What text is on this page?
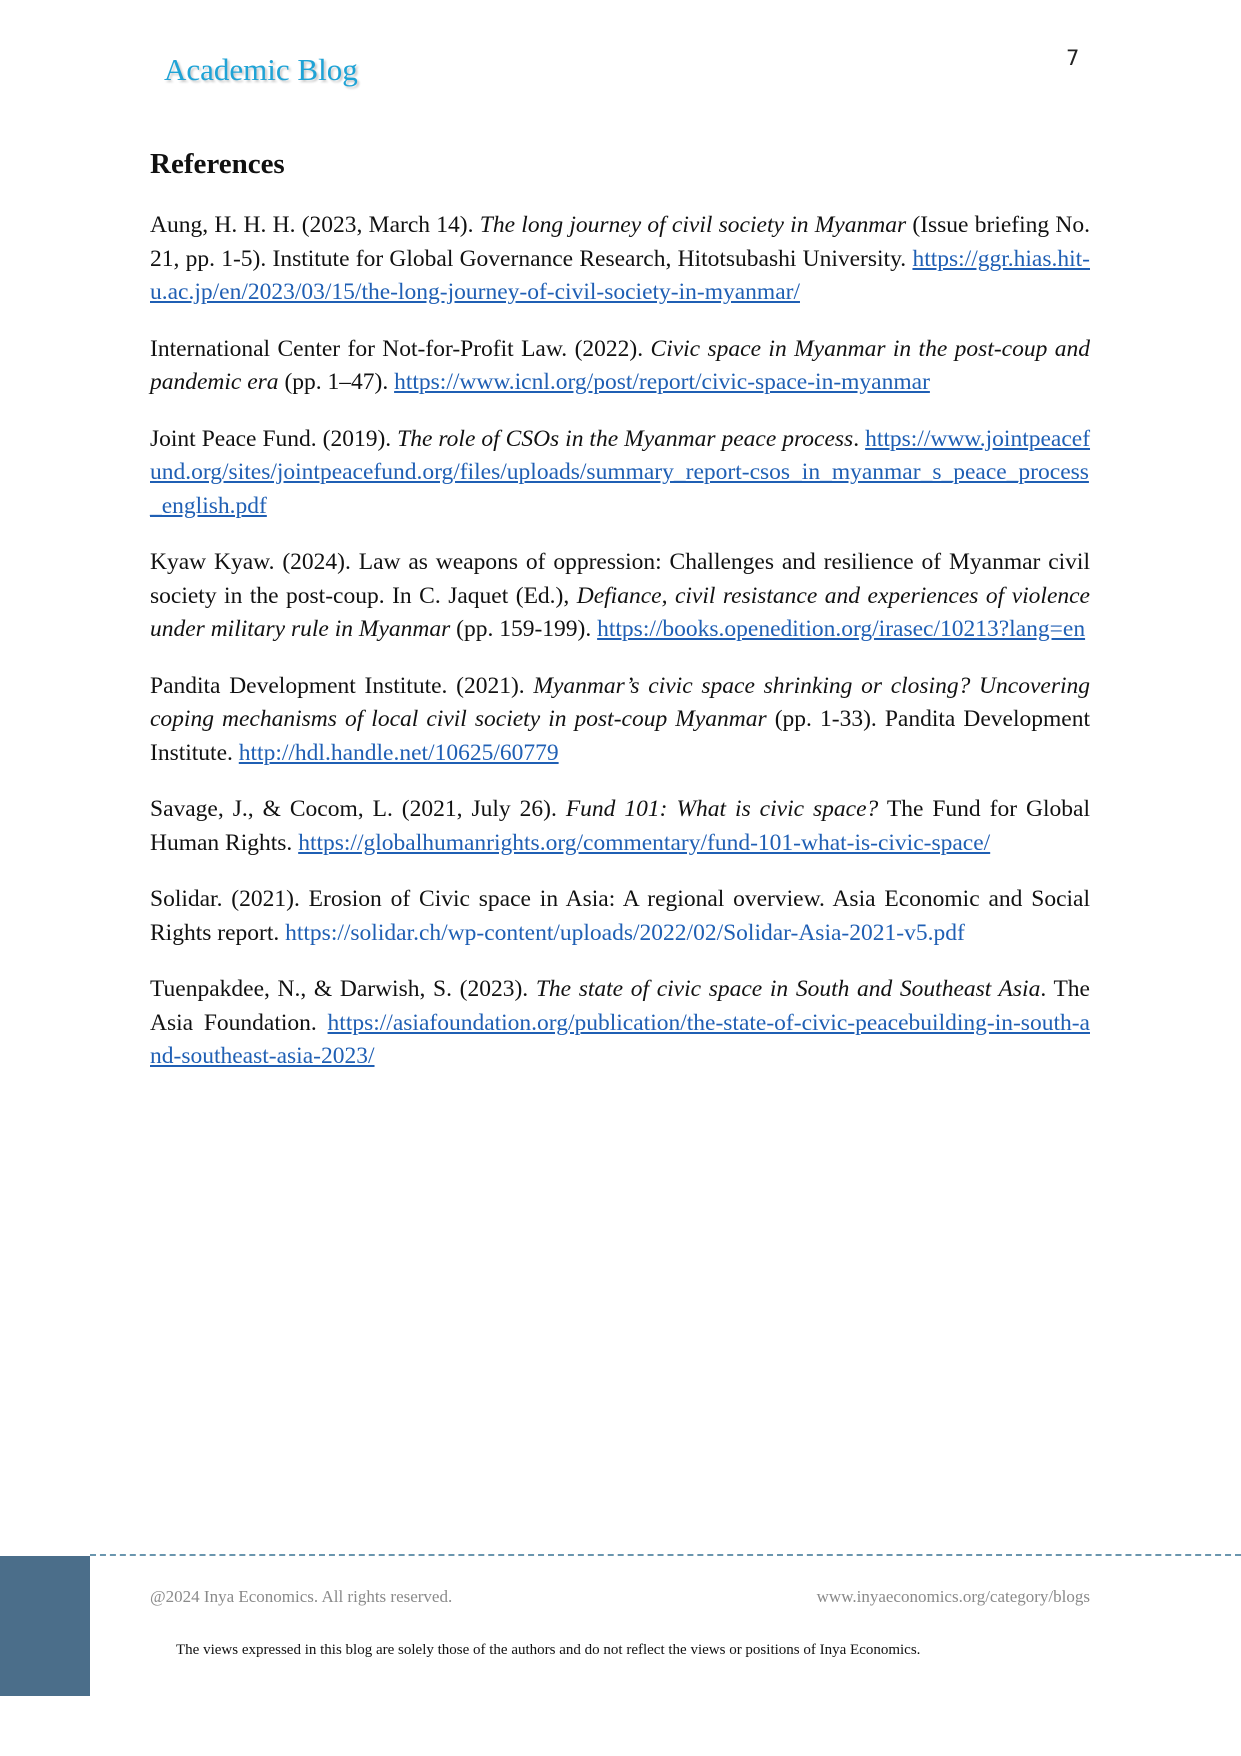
Academic Blog	7
References

Aung, H. H. H. (2023, March 14). The long journey of civil society in Myanmar (Issue briefing No. 21, pp. 1-5). Institute for Global Governance Research, Hitotsubashi University. https://ggr.hias.hit-u.ac.jp/en/2023/03/15/the-long-journey-of-civil-society-in-myanmar/

International Center for Not-for-Profit Law. (2022). Civic space in Myanmar in the post-coup and pandemic era (pp. 1–47). https://www.icnl.org/post/report/civic-space-in-myanmar

Joint Peace Fund. (2019). The role of CSOs in the Myanmar peace process. https://www.jointpeacefund.org/sites/jointpeacefund.org/files/uploads/summary_report-csos_in_myanmar_s_peace_process_english.pdf

Kyaw Kyaw. (2024). Law as weapons of oppression: Challenges and resilience of Myanmar civil society in the post-coup. In C. Jaquet (Ed.), Defiance, civil resistance and experiences of violence under military rule in Myanmar (pp. 159-199). https://books.openedition.org/irasec/10213?lang=en

Pandita Development Institute. (2021). Myanmar’s civic space shrinking or closing? Uncovering coping mechanisms of local civil society in post-coup Myanmar (pp. 1-33). Pandita Development Institute. http://hdl.handle.net/10625/60779

Savage, J., & Cocom, L. (2021, July 26). Fund 101: What is civic space? The Fund for Global Human Rights. https://globalhumanrights.org/commentary/fund-101-what-is-civic-space/

Solidar. (2021). Erosion of Civic space in Asia: A regional overview. Asia Economic and Social Rights report. https://solidar.ch/wp-content/uploads/2022/02/Solidar-Asia-2021-v5.pdf

Tuenpakdee, N., & Darwish, S. (2023). The state of civic space in South and Southeast Asia. The Asia Foundation. https://asiafoundation.org/publication/the-state-of-civic-peacebuilding-in-south-and-southeast-asia-2023/

@2024 Inya Economics. All rights reserved.	www.inyaeconomics.org/category/blogs
The views expressed in this blog are solely those of the authors and do not reflect the views or positions of Inya Economics.
